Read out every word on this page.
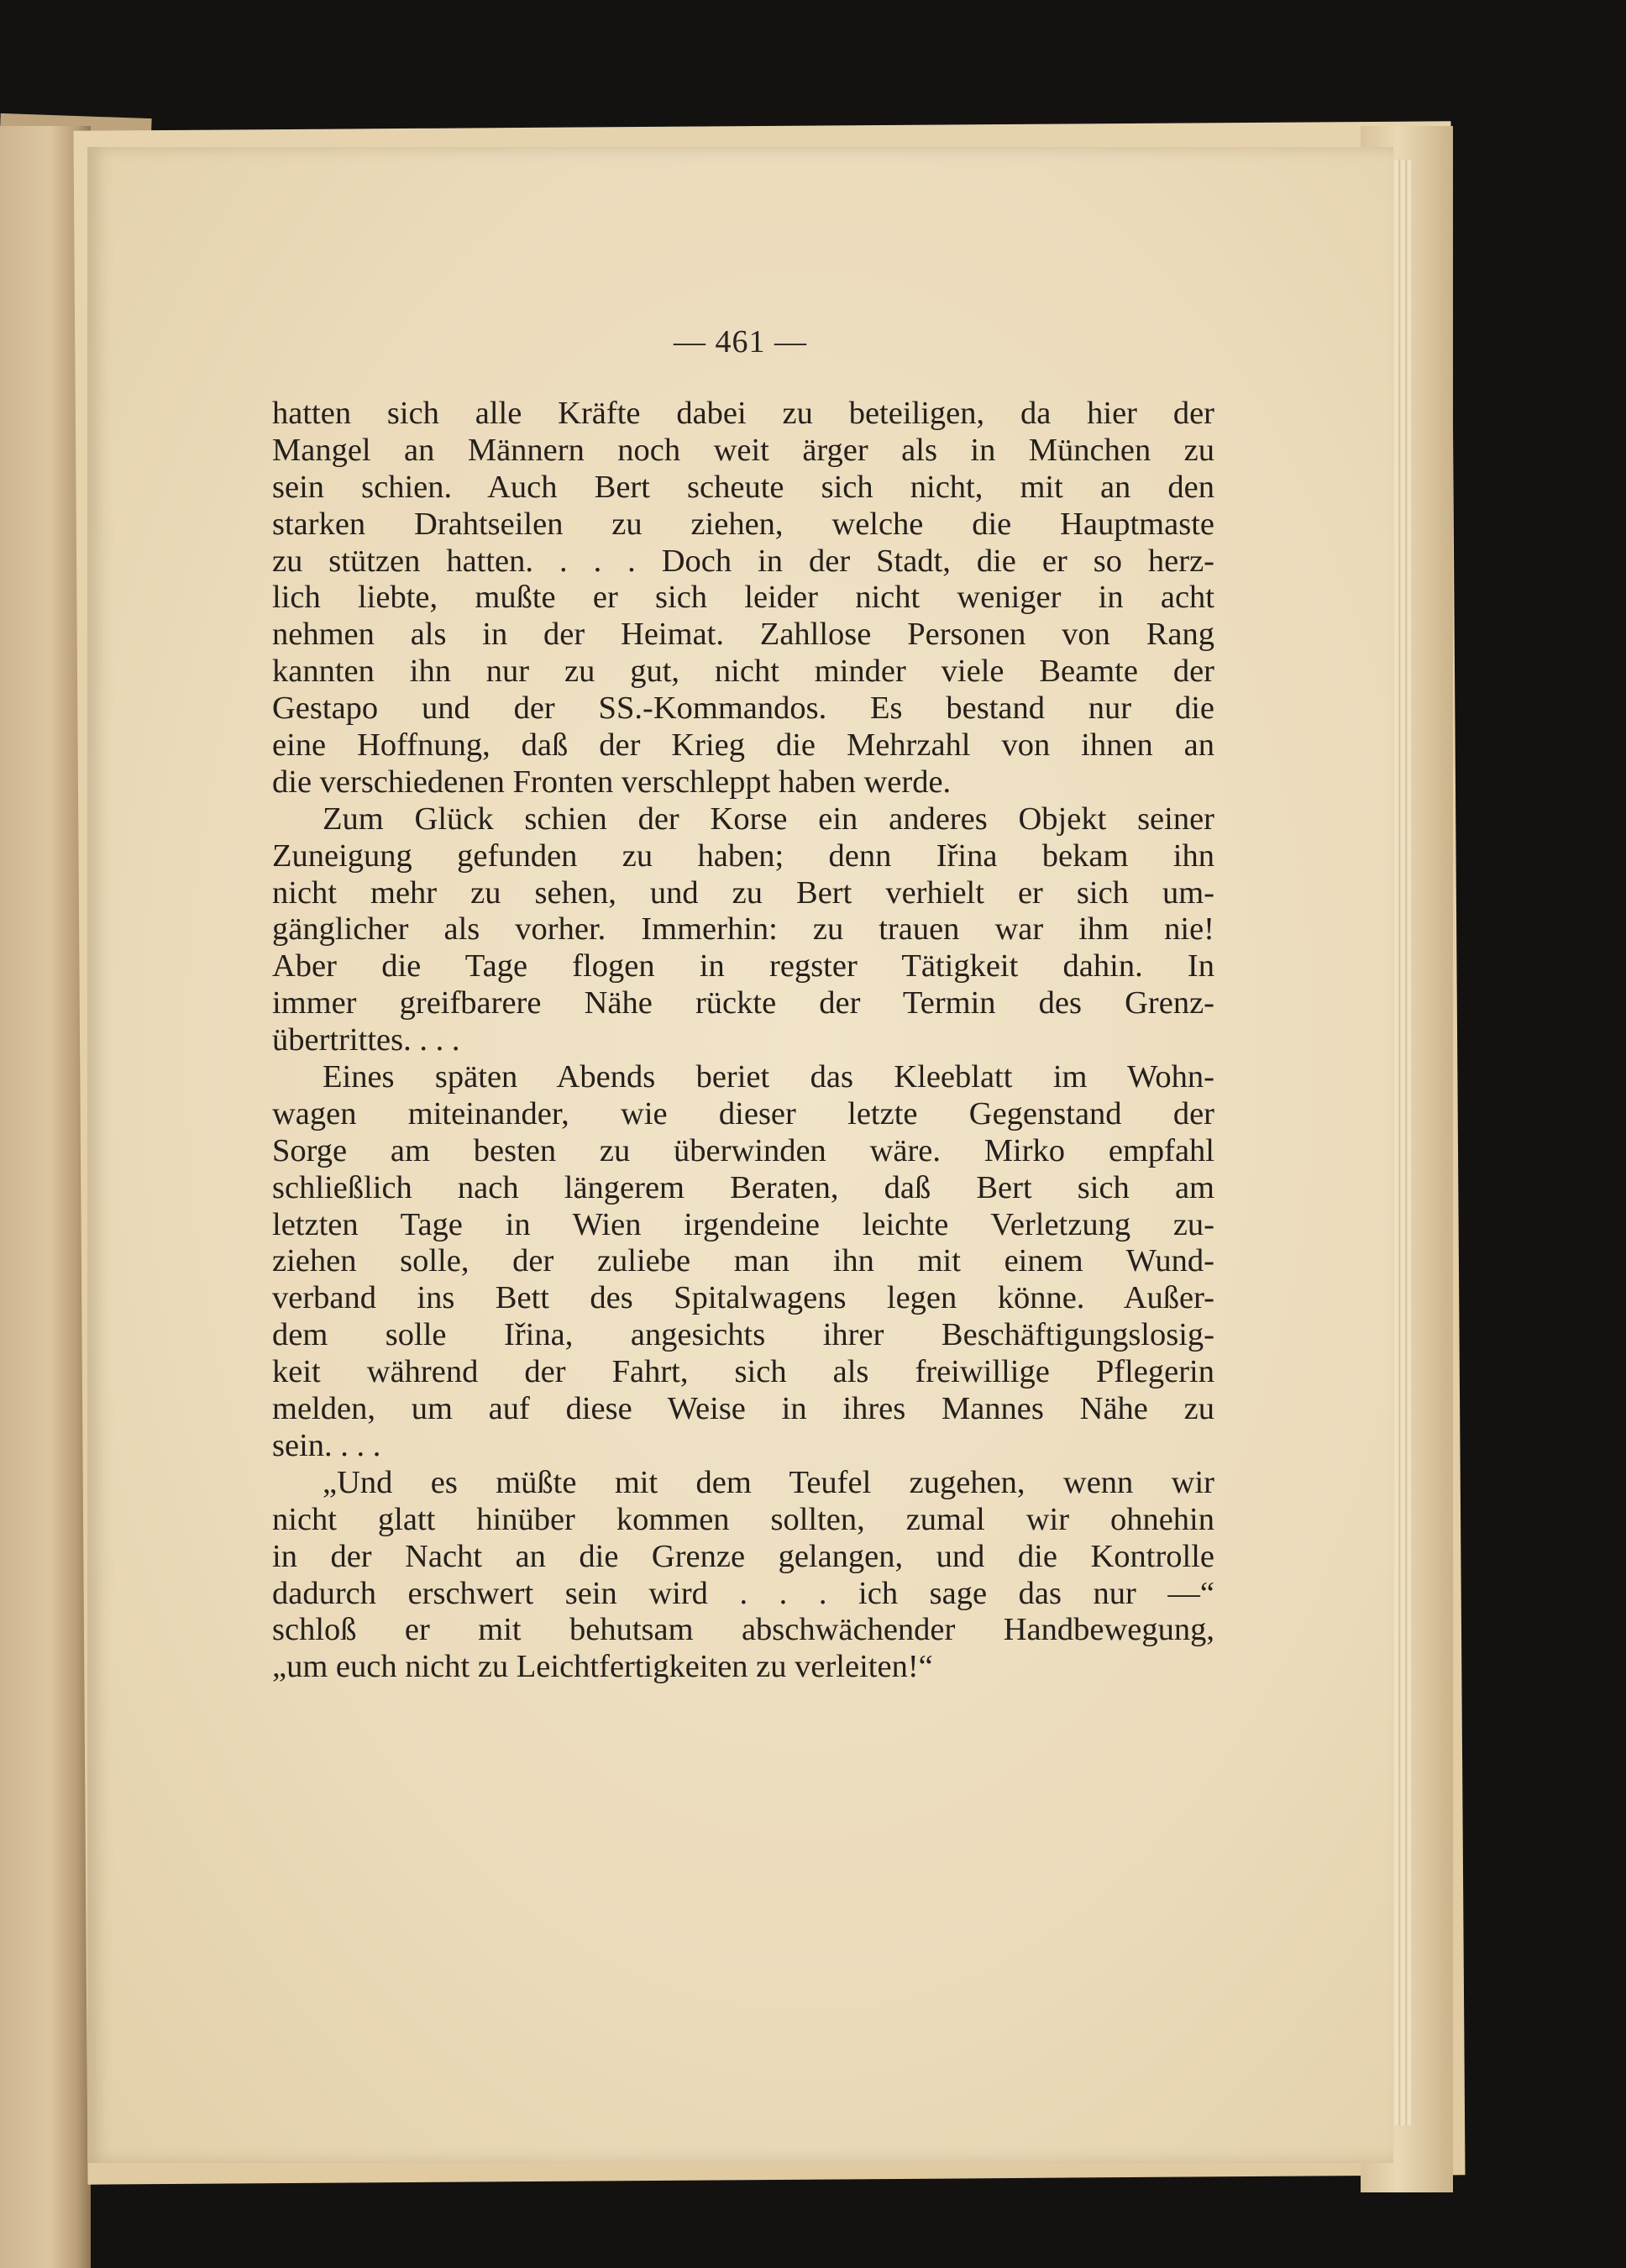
— 461 —
hatten sich alle Kräfte dabei zu beteiligen, da hier der
Mangel an Männern noch weit ärger als in München zu
sein schien. Auch Bert scheute sich nicht, mit an den
starken Drahtseilen zu ziehen, welche die Hauptmaste
zu stützen hatten. . . . Doch in der Stadt, die er so herz-
lich liebte, mußte er sich leider nicht weniger in acht
nehmen als in der Heimat. Zahllose Personen von Rang
kannten ihn nur zu gut, nicht minder viele Beamte der
Gestapo und der SS.-Kommandos. Es bestand nur die
eine Hoffnung, daß der Krieg die Mehrzahl von ihnen an
die verschiedenen Fronten verschleppt haben werde.
Zum Glück schien der Korse ein anderes Objekt seiner
Zuneigung gefunden zu haben; denn Iřina bekam ihn
nicht mehr zu sehen, und zu Bert verhielt er sich um-
gänglicher als vorher. Immerhin: zu trauen war ihm nie!
Aber die Tage flogen in regster Tätigkeit dahin. In
immer greifbarere Nähe rückte der Termin des Grenz-
übertrittes. . . .
Eines späten Abends beriet das Kleeblatt im Wohn-
wagen miteinander, wie dieser letzte Gegenstand der
Sorge am besten zu überwinden wäre. Mirko empfahl
schließlich nach längerem Beraten, daß Bert sich am
letzten Tage in Wien irgendeine leichte Verletzung zu-
ziehen solle, der zuliebe man ihn mit einem Wund-
verband ins Bett des Spitalwagens legen könne. Außer-
dem solle Iřina, angesichts ihrer Beschäftigungslosig-
keit während der Fahrt, sich als freiwillige Pflegerin
melden, um auf diese Weise in ihres Mannes Nähe zu
sein. . . .
„Und es müßte mit dem Teufel zugehen, wenn wir
nicht glatt hinüber kommen sollten, zumal wir ohnehin
in der Nacht an die Grenze gelangen, und die Kontrolle
dadurch erschwert sein wird . . . ich sage das nur —“
schloß er mit behutsam abschwächender Handbewegung,
„um euch nicht zu Leichtfertigkeiten zu verleiten!“
